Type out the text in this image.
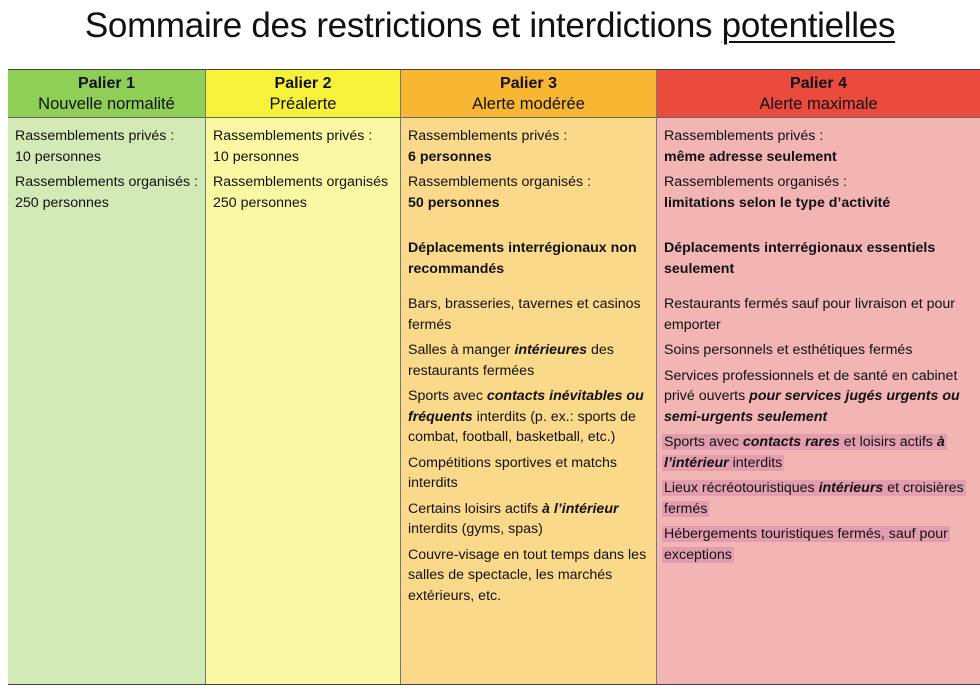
Sommaire des restrictions et interdictions potentielles
Palier 1
Nouvelle normalité
Rassemblements privés :
10 personnes
Rassemblements organisés :  250 personnes
Palier 2
Préalerte
Rassemblements privés :
10 personnes
Rassemblements organisés 250 personnes
Palier 3
Alerte modérée
Rassemblements privés :
6 personnes
Rassemblements organisés :
50 personnes
Déplacements interrégionaux non recommandés
Bars, brasseries, tavernes et casinos fermés
Salles à manger intérieures des restaurants fermées
Sports avec contacts inévitables ou fréquents interdits (p. ex.: sports de combat, football, basketball, etc.)
Compétitions sportives et matchs interdits
Certains loisirs actifs à l’intérieur interdits (gyms, spas)
Couvre-visage en tout temps dans les salles de spectacle, les marchés extérieurs, etc.
Palier 4
Alerte maximale
Rassemblements privés :
même adresse seulement
Rassemblements organisés :
limitations selon le type d’activité
Déplacements interrégionaux essentiels seulement
Restaurants fermés sauf pour livraison et pour emporter
Soins personnels et esthétiques fermés
Services professionnels et de santé en cabinet privé ouverts pour services jugés urgents ou semi-urgents seulement
Sports avec contacts rares et loisirs actifs à l’intérieur interdits
Lieux récréotouristiques intérieurs et croisières fermés
Hébergements touristiques fermés, sauf pour exceptions
